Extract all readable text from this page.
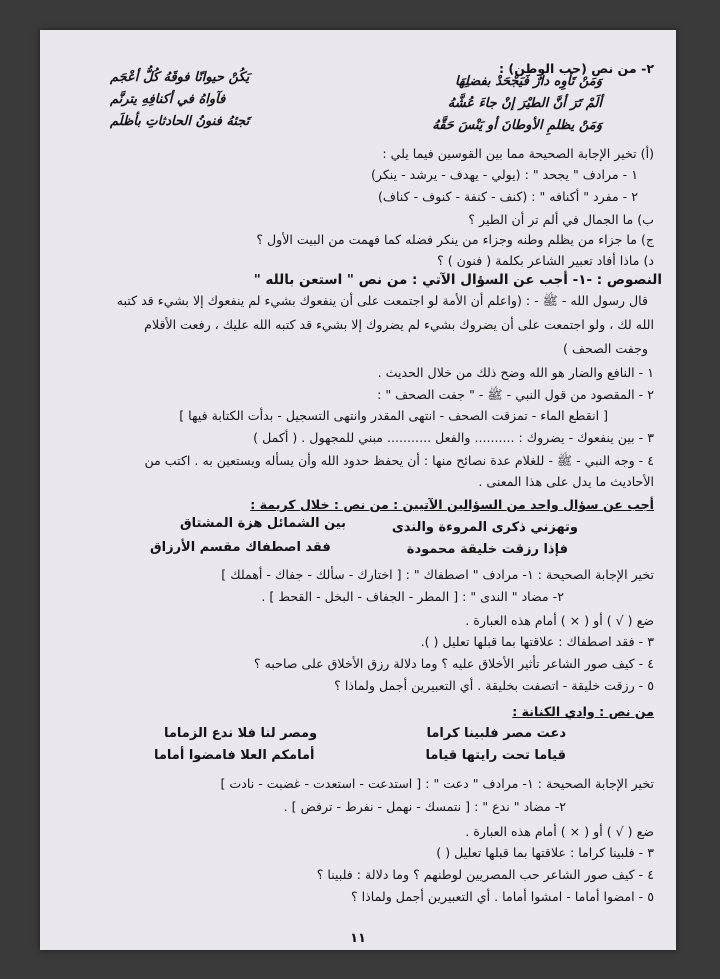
٢- من نص (حب الوطن) :
وَمَنْ تَأوِه دارٌ فَيَجْحَدْ بفضلِهَا
يَكُنْ حيوانًا فوقَهُ كُلُّ أعْجَم
ألَمْ تَرَ أنَّ الطيْرَ إنْ جاءَ عُشَّهُ
فآواهُ في أكنافِهِ يترنَّم
وَمَنْ يظلمِ الأوطانَ أو يَنْسَ حَقَّهُ
تَجئهُ فنونُ الحادثاتِ بأظلَم
(أ) تخير الإجابة الصحيحة مما بين القوسين فيما يلي :
١ - مرادف " يجحد " : (يولي - يهدف - يرشد - ينكر)
٢ - مفرد " أكنافه " : (كنف - كنفة - كنوف - كناف)
ب) ما الجمال في ألم تر أن الطير ؟
ج) ما جزاء من يظلم وطنه وجزاء من ينكر فضله كما فهمت من البيت الأول ؟
د) ماذا أفاد تعبير الشاعر بكلمة ( فنون ) ؟
النصوص : -١- أجب عن السؤال الآتي : من نص " استعن بالله "
قال رسول الله - ﷺ - : (واعلم أن الأمة لو اجتمعت على أن ينفعوك بشيء لم ينفعوك إلا بشيء قد كتبه
الله لك ، ولو اجتمعت على أن يضروك بشيء لم يضروك إلا بشيء قد كتبه الله عليك ، رفعت الأقلام
وجفت الصحف )
١ - النافع والضار هو الله وضح ذلك من خلال الحديث .
٢ - المقصود من قول النبي - ﷺ - " جفت الصحف " :
[ انقطع الماء - تمزقت الصحف - انتهى المقدر وانتهى التسجيل - بدأت الكتابة فيها ]
٣ - بين ينفعوك - يضروك : .......... والفعل ........... مبني للمجهول . ( أكمل )
٤ - وجه النبي - ﷺ - للغلام عدة نصائح منها : أن يحفظ حدود الله وأن يسأله ويستعين به . اكتب من
الأحاديث ما يدل على هذا المعنى .
أجب عن سؤال واحد من السؤالين الآتيين : من نص : خلال كريمة :
وتهزني ذكرى المروءة والندى
بين الشمائل هزة المشتاق
فإذا رزقت خليقة محمودة
فقد اصطفاك مقسم الأرزاق
تخير الإجابة الصحيحة : ١- مرادف " اصطفاك " : [ اختارك - سألك - جفاك - أهملك ]
٢- مضاد " الندى " : [ المطر - الجفاف - البخل - القحط ] .
ضع ( √ ) أو ( × ) أمام هذه العبارة .
٣ - فقد اصطفاك : علاقتها بما قبلها تعليل ( ).
٤ - كيف صور الشاعر تأثير الأخلاق عليه ؟ وما دلالة رزق الأخلاق على صاحبه ؟
٥ - رزقت خليقة - اتصفت بخليقة . أي التعبيرين أجمل ولماذا ؟
من نص : وادي الكنانة :
دعت مصر فلبينا كراما
ومصر لنا فلا ندع الزماما
قياما تحت رايتها قياما
أمامكم العلا فامضوا أماما
تخير الإجابة الصحيحة : ١- مرادف " دعت " : [ استدعت - استعدت - غضبت - نادت ]
٢- مضاد " ندع " : [ نتمسك - نهمل - نفرط - ترفض ] .
ضع ( √ ) أو ( × ) أمام هذه العبارة .
٣ - فلبينا كراما : علاقتها بما قبلها تعليل ( )
٤ - كيف صور الشاعر حب المصريين لوطنهم ؟ وما دلالة : فلبينا ؟
٥ - امضوا أماما - امشوا أماما . أي التعبيرين أجمل ولماذا ؟
١١
